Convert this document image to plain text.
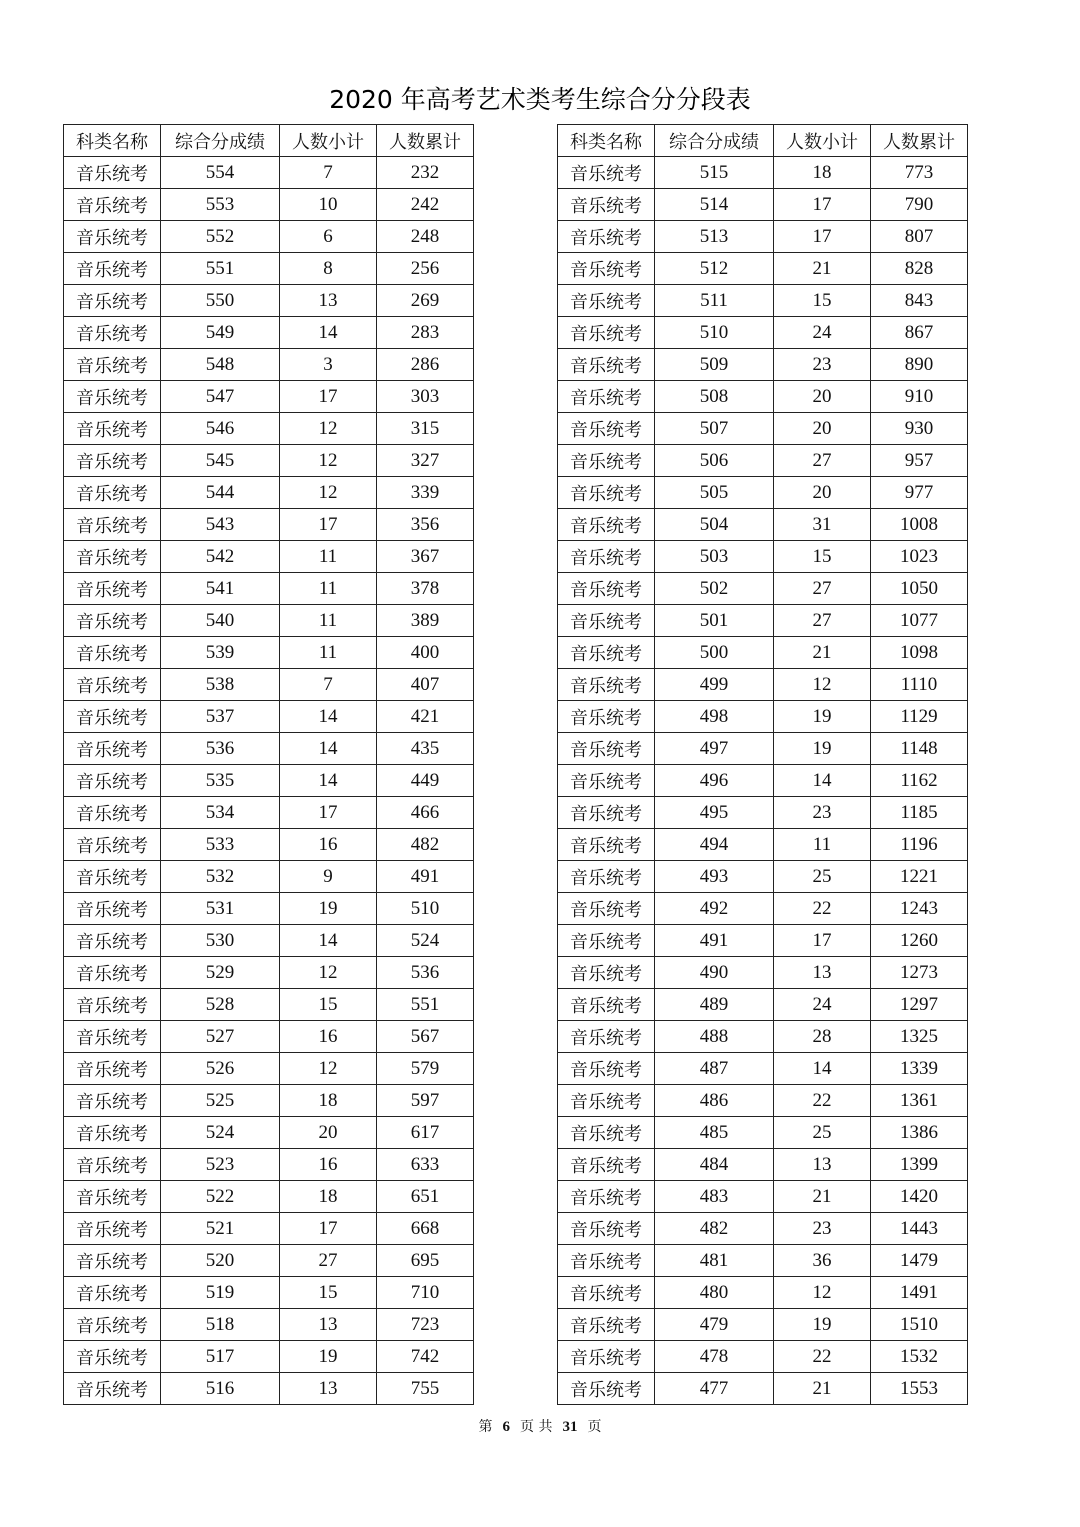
2020 年高考艺术类考生综合分分段表
科类名称	综合分成绩	人数小计	人数累计
音乐统考	554	7	232
音乐统考	553	10	242
音乐统考	552	6	248
音乐统考	551	8	256
音乐统考	550	13	269
音乐统考	549	14	283
音乐统考	548	3	286
音乐统考	547	17	303
音乐统考	546	12	315
音乐统考	545	12	327
音乐统考	544	12	339
音乐统考	543	17	356
音乐统考	542	11	367
音乐统考	541	11	378
音乐统考	540	11	389
音乐统考	539	11	400
音乐统考	538	7	407
音乐统考	537	14	421
音乐统考	536	14	435
音乐统考	535	14	449
音乐统考	534	17	466
音乐统考	533	16	482
音乐统考	532	9	491
音乐统考	531	19	510
音乐统考	530	14	524
音乐统考	529	12	536
音乐统考	528	15	551
音乐统考	527	16	567
音乐统考	526	12	579
音乐统考	525	18	597
音乐统考	524	20	617
音乐统考	523	16	633
音乐统考	522	18	651
音乐统考	521	17	668
音乐统考	520	27	695
音乐统考	519	15	710
音乐统考	518	13	723
音乐统考	517	19	742
音乐统考	516	13	755
科类名称	综合分成绩	人数小计	人数累计
音乐统考	515	18	773
音乐统考	514	17	790
音乐统考	513	17	807
音乐统考	512	21	828
音乐统考	511	15	843
音乐统考	510	24	867
音乐统考	509	23	890
音乐统考	508	20	910
音乐统考	507	20	930
音乐统考	506	27	957
音乐统考	505	20	977
音乐统考	504	31	1008
音乐统考	503	15	1023
音乐统考	502	27	1050
音乐统考	501	27	1077
音乐统考	500	21	1098
音乐统考	499	12	1110
音乐统考	498	19	1129
音乐统考	497	19	1148
音乐统考	496	14	1162
音乐统考	495	23	1185
音乐统考	494	11	1196
音乐统考	493	25	1221
音乐统考	492	22	1243
音乐统考	491	17	1260
音乐统考	490	13	1273
音乐统考	489	24	1297
音乐统考	488	28	1325
音乐统考	487	14	1339
音乐统考	486	22	1361
音乐统考	485	25	1386
音乐统考	484	13	1399
音乐统考	483	21	1420
音乐统考	482	23	1443
音乐统考	481	36	1479
音乐统考	480	12	1491
音乐统考	479	19	1510
音乐统考	478	22	1532
音乐统考	477	21	1553
第 6 页 共 31 页
